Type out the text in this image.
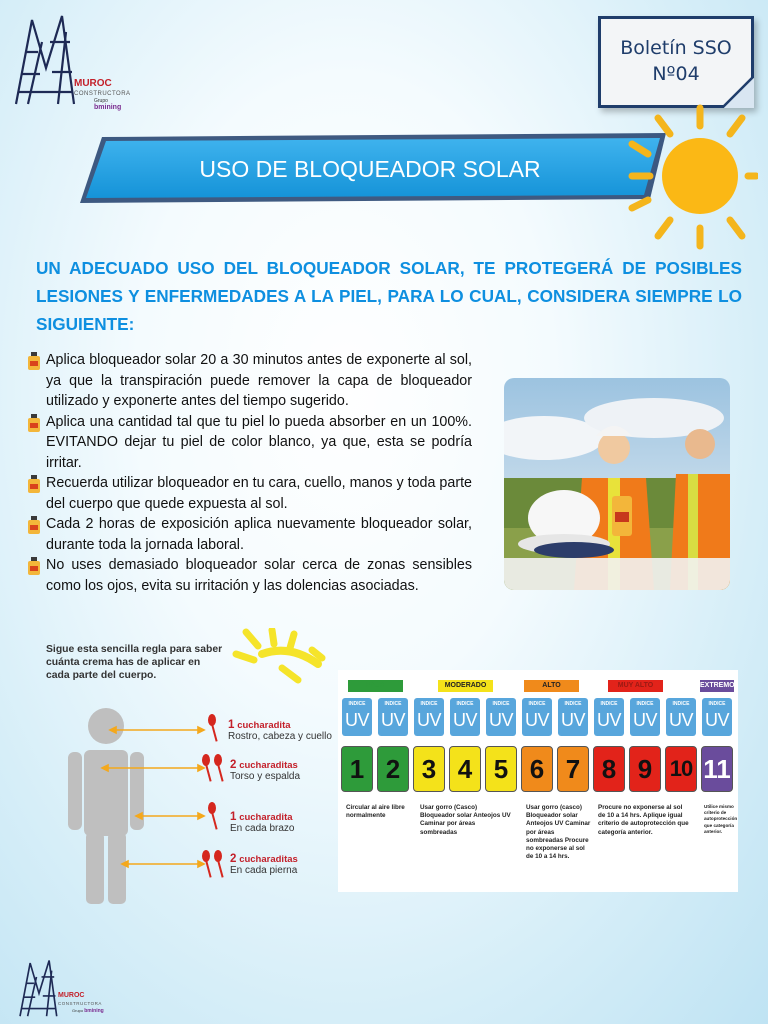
MUROC
CONSTRUCTORA
Grupo bmining
Boletín SSO
Nº04
USO DE BLOQUEADOR SOLAR
UN ADECUADO USO DEL BLOQUEADOR SOLAR, TE PROTEGERÁ DE POSIBLES LESIONES Y ENFERMEDADES A LA PIEL, PARA LO CUAL, CONSIDERA SIEMPRE LO SIGUIENTE:
Aplica bloqueador solar 20 a 30 minutos antes de exponerte al sol, ya que la transpiración puede remover la capa de bloqueador utilizado y exponerte antes del tiempo sugerido.
Aplica una cantidad tal que tu piel lo pueda absorber en un 100%. EVITANDO dejar tu piel de color blanco, ya que, esta se podría irritar.
Recuerda utilizar bloqueador en tu cara, cuello, manos y toda parte del cuerpo que quede expuesta al sol.
Cada 2 horas de exposición aplica nuevamente bloqueador solar, durante toda la jornada laboral.
No uses demasiado bloqueador solar cerca de zonas sensibles como los ojos, evita su irritación y las dolencias asociadas.
Sigue esta sencilla regla para saber cuánta crema has de aplicar en cada parte del cuerpo.
1 cucharadita
Rostro, cabeza y cuello
2 cucharaditas
Torso y espalda
1 cucharadita
En cada brazo
2 cucharaditas
En cada pierna
BAJO	MODERADO	ALTO	MUY ALTO	EXTREMO
INDICE
UV
INDICE
UV
INDICE
UV
INDICE
UV
INDICE
UV
INDICE
UV
INDICE
UV
INDICE
UV
INDICE
UV
INDICE
UV
INDICE
UV
1 2 3 4 5 6 7 8 9 10 11
Circular al aire libre normalmente
Usar gorro (Casco) Bloqueador solar Anteojos UV Caminar por áreas sombreadas
Usar gorro (casco) Bloqueador solar Anteojos UV Caminar por áreas sombreadas Procure no exponerse al sol de 10 a 14 hrs.
Procure no exponerse al sol de 10 a 14 hrs. Aplique igual criterio de autoprotección que categoría anterior.
Utilice mismo criterio de autoprotección que categoría anterior.
MUROC
CONSTRUCTORA
Grupo bmining
